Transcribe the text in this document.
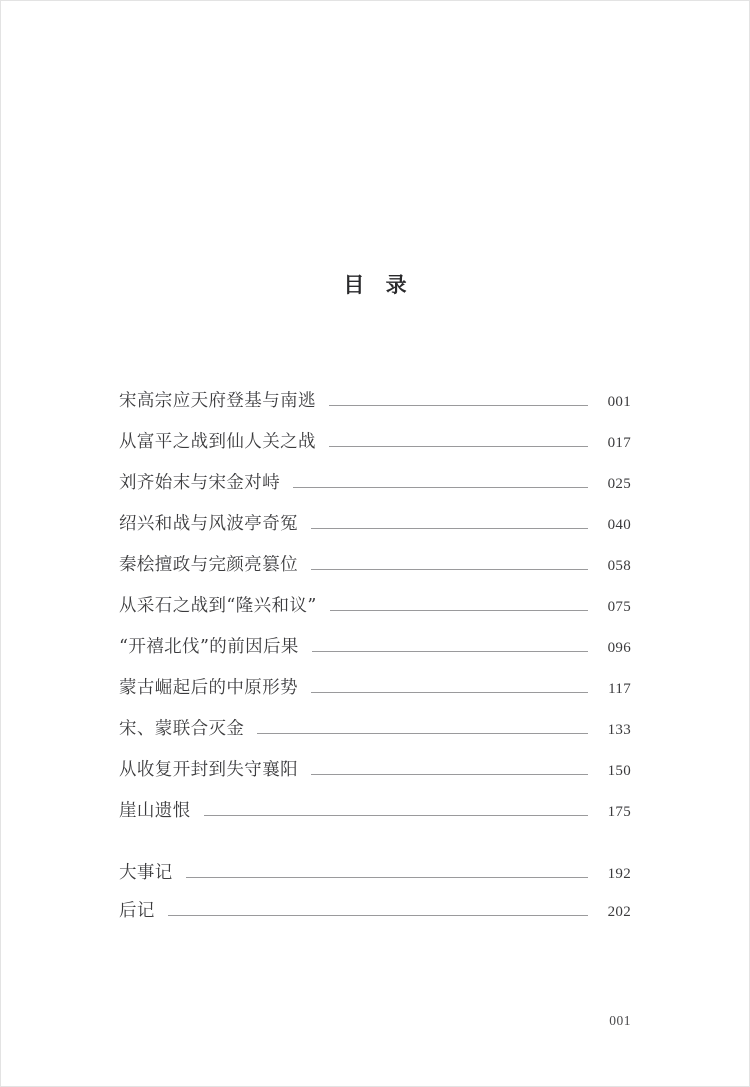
目 录
宋高宗应天府登基与南逃	001
从富平之战到仙人关之战	017
刘齐始末与宋金对峙	025
绍兴和战与风波亭奇冤	040
秦桧擅政与完颜亮篡位	058
从采石之战到“隆兴和议”	075
“开禧北伐”的前因后果	096
蒙古崛起后的中原形势	117
宋、蒙联合灭金	133
从收复开封到失守襄阳	150
崖山遗恨	175
大事记	192
后记	202
001
